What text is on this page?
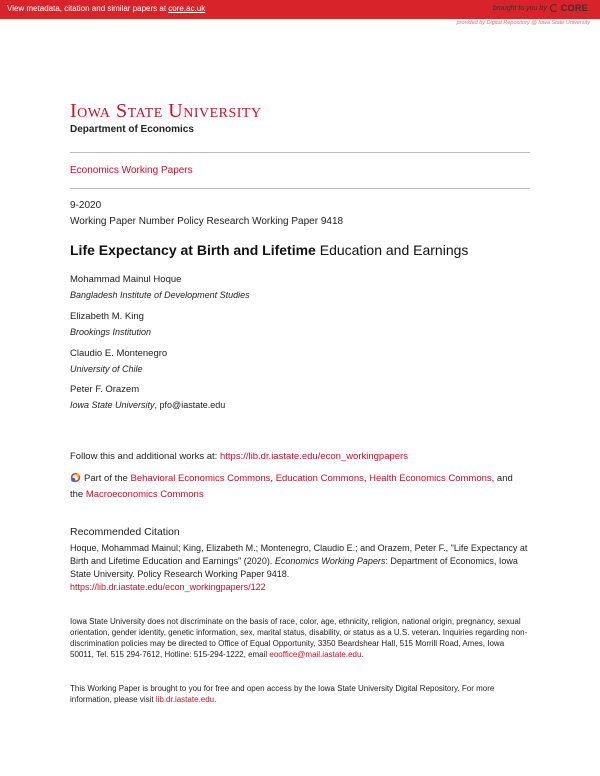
View metadata, citation and similar papers at core.ac.uk	brought to you by CORE
provided by Digital Repository @ Iowa State University
Iowa State University
Department of Economics
Economics Working Papers
9-2020
Working Paper Number Policy Research Working Paper 9418
Life Expectancy at Birth and Lifetime Education and Earnings
Mohammad Mainul Hoque
Bangladesh Institute of Development Studies
Elizabeth M. King
Brookings Institution
Claudio E. Montenegro
University of Chile
Peter F. Orazem
Iowa State University, pfo@iastate.edu
Follow this and additional works at: https://lib.dr.iastate.edu/econ_workingpapers
Part of the Behavioral Economics Commons, Education Commons, Health Economics Commons, and
the Macroeconomics Commons
Recommended Citation
Hoque, Mohammad Mainul; King, Elizabeth M.; Montenegro, Claudio E.; and Orazem, Peter F., "Life Expectancy at Birth and Lifetime Education and Earnings" (2020). Economics Working Papers: Department of Economics, Iowa State University. Policy Research Working Paper 9418.
https://lib.dr.iastate.edu/econ_workingpapers/122
Iowa State University does not discriminate on the basis of race, color, age, ethnicity, religion, national origin, pregnancy, sexual orientation, gender identity, genetic information, sex, marital status, disability, or status as a U.S. veteran. Inquiries regarding non-discrimination policies may be directed to Office of Equal Opportunity, 3350 Beardshear Hall, 515 Morrill Road, Ames, Iowa 50011, Tel. 515 294-7612, Hotline: 515-294-1222, email eooffice@mail.iastate.edu.
This Working Paper is brought to you for free and open access by the Iowa State University Digital Repository. For more information, please visit lib.dr.iastate.edu.
